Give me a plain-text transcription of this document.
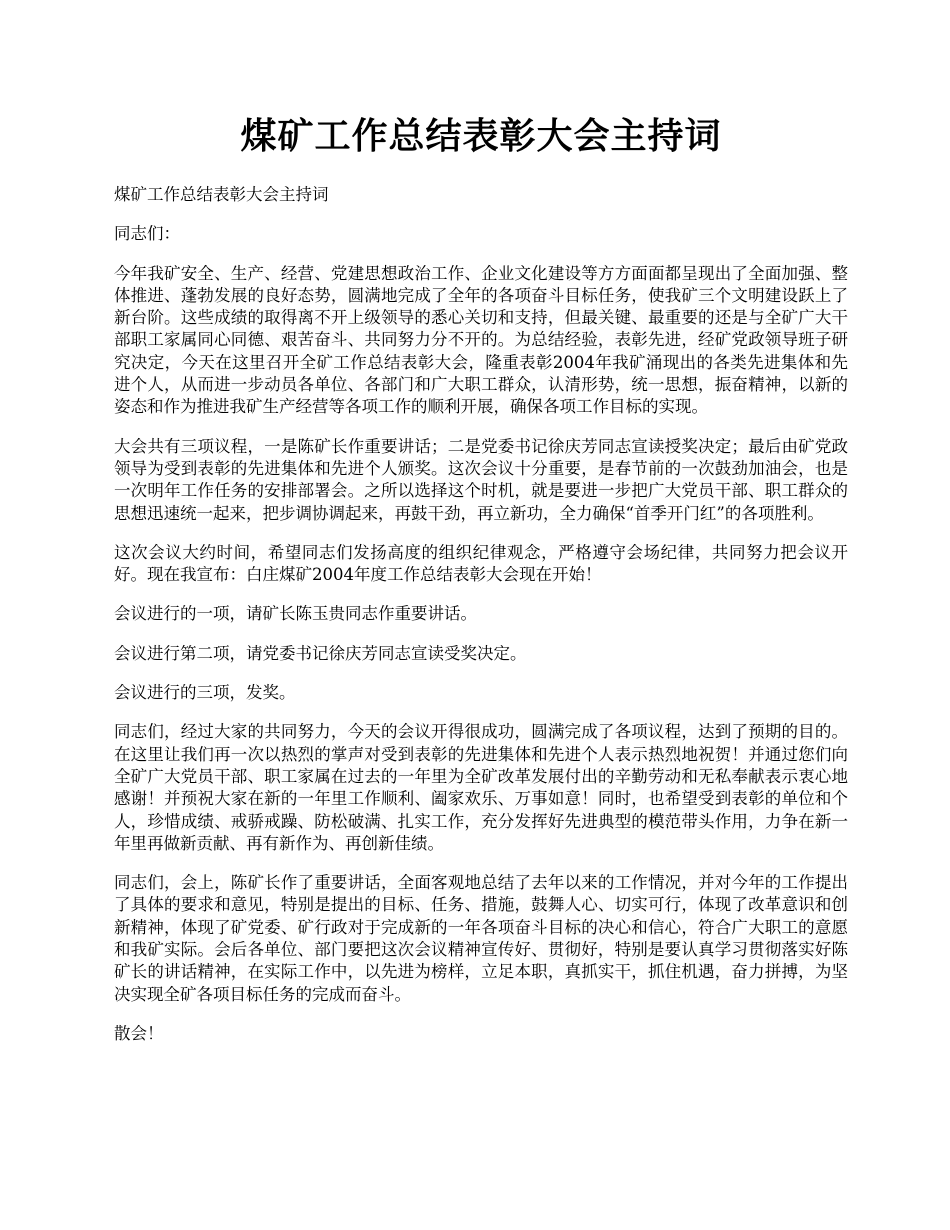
煤矿工作总结表彰大会主持词

煤矿工作总结表彰大会主持词

同志们：

今年我矿安全、生产、经营、党建思想政治工作、企业文化建设等方方面面都呈现出了全面加强、整体推进、蓬勃发展的良好态势，圆满地完成了全年的各项奋斗目标任务，使我矿三个文明建设跃上了新台阶。这些成绩的取得离不开上级领导的悉心关切和支持，但最关键、最重要的还是与全矿广大干部职工家属同心同德、艰苦奋斗、共同努力分不开的。为总结经验，表彰先进，经矿党政领导班子研究决定，今天在这里召开全矿工作总结表彰大会，隆重表彰2004年我矿涌现出的各类先进集体和先进个人，从而进一步动员各单位、各部门和广大职工群众，认清形势，统一思想，振奋精神，以新的姿态和作为推进我矿生产经营等各项工作的顺利开展，确保各项工作目标的实现。

大会共有三项议程，一是陈矿长作重要讲话；二是党委书记徐庆芳同志宣读授奖决定；最后由矿党政领导为受到表彰的先进集体和先进个人颁奖。这次会议十分重要，是春节前的一次鼓劲加油会，也是一次明年工作任务的安排部署会。之所以选择这个时机，就是要进一步把广大党员干部、职工群众的思想迅速统一起来，把步调协调起来，再鼓干劲，再立新功，全力确保“首季开门红”的各项胜利。

这次会议大约时间，希望同志们发扬高度的组织纪律观念，严格遵守会场纪律，共同努力把会议开好。现在我宣布：白庄煤矿2004年度工作总结表彰大会现在开始！

会议进行的一项，请矿长陈玉贵同志作重要讲话。

会议进行第二项，请党委书记徐庆芳同志宣读受奖决定。

会议进行的三项，发奖。

同志们，经过大家的共同努力，今天的会议开得很成功，圆满完成了各项议程，达到了预期的目的。在这里让我们再一次以热烈的掌声对受到表彰的先进集体和先进个人表示热烈地祝贺！并通过您们向全矿广大党员干部、职工家属在过去的一年里为全矿改革发展付出的辛勤劳动和无私奉献表示衷心地感谢！并预祝大家在新的一年里工作顺利、阖家欢乐、万事如意！同时，也希望受到表彰的单位和个人，珍惜成绩、戒骄戒躁、防松破满、扎实工作，充分发挥好先进典型的模范带头作用，力争在新一年里再做新贡献、再有新作为、再创新佳绩。

同志们，会上，陈矿长作了重要讲话，全面客观地总结了去年以来的工作情况，并对今年的工作提出了具体的要求和意见，特别是提出的目标、任务、措施，鼓舞人心、切实可行，体现了改革意识和创新精神，体现了矿党委、矿行政对于完成新的一年各项奋斗目标的决心和信心，符合广大职工的意愿和我矿实际。会后各单位、部门要把这次会议精神宣传好、贯彻好，特别是要认真学习贯彻落实好陈矿长的讲话精神，在实际工作中，以先进为榜样，立足本职，真抓实干，抓住机遇，奋力拼搏，为坚决实现全矿各项目标任务的完成而奋斗。

散会！
